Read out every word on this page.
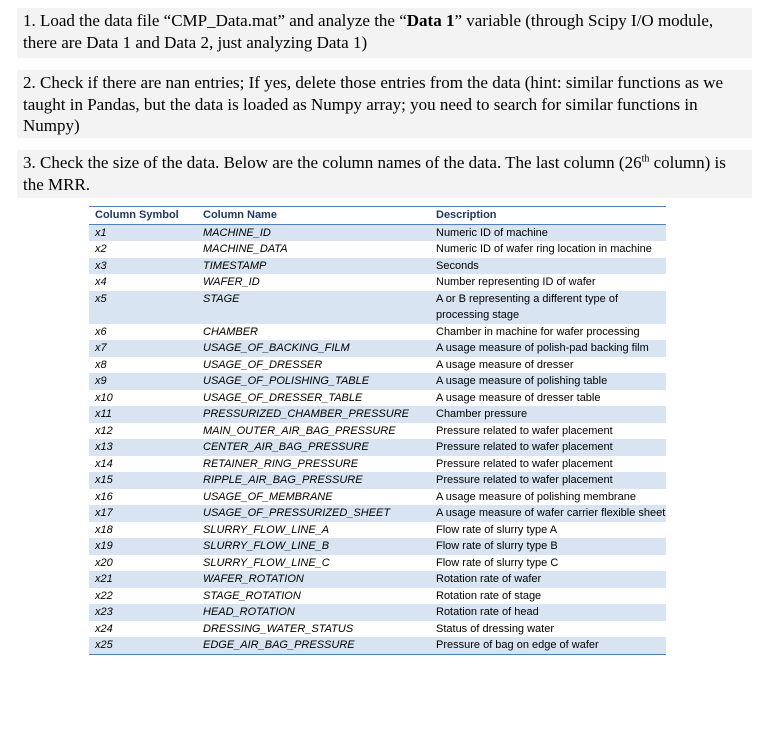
1. Load the data file “CMP_Data.mat” and analyze the “Data 1” variable (through Scipy I/O module, there are Data 1 and Data 2, just analyzing Data 1)
2. Check if there are nan entries; If yes, delete those entries from the data (hint: similar functions as we taught in Pandas, but the data is loaded as Numpy array; you need to search for similar functions in Numpy)
3. Check the size of the data. Below are the column names of the data. The last column (26th column) is the MRR.
Column Symbol	Column Name	Description
x1	MACHINE_ID	Numeric ID of machine
x2	MACHINE_DATA	Numeric ID of wafer ring location in machine
x3	TIMESTAMP	Seconds
x4	WAFER_ID	Number representing ID of wafer
x5	STAGE	A or B representing a different type of processing stage
x6	CHAMBER	Chamber in machine for wafer processing
x7	USAGE_OF_BACKING_FILM	A usage measure of polish-pad backing film
x8	USAGE_OF_DRESSER	A usage measure of dresser
x9	USAGE_OF_POLISHING_TABLE	A usage measure of polishing table
x10	USAGE_OF_DRESSER_TABLE	A usage measure of dresser table
x11	PRESSURIZED_CHAMBER_PRESSURE	Chamber pressure
x12	MAIN_OUTER_AIR_BAG_PRESSURE	Pressure related to wafer placement
x13	CENTER_AIR_BAG_PRESSURE	Pressure related to wafer placement
x14	RETAINER_RING_PRESSURE	Pressure related to wafer placement
x15	RIPPLE_AIR_BAG_PRESSURE	Pressure related to wafer placement
x16	USAGE_OF_MEMBRANE	A usage measure of polishing membrane
x17	USAGE_OF_PRESSURIZED_SHEET	A usage measure of wafer carrier flexible sheet
x18	SLURRY_FLOW_LINE_A	Flow rate of slurry type A
x19	SLURRY_FLOW_LINE_B	Flow rate of slurry type B
x20	SLURRY_FLOW_LINE_C	Flow rate of slurry type C
x21	WAFER_ROTATION	Rotation rate of wafer
x22	STAGE_ROTATION	Rotation rate of stage
x23	HEAD_ROTATION	Rotation rate of head
x24	DRESSING_WATER_STATUS	Status of dressing water
x25	EDGE_AIR_BAG_PRESSURE	Pressure of bag on edge of wafer
